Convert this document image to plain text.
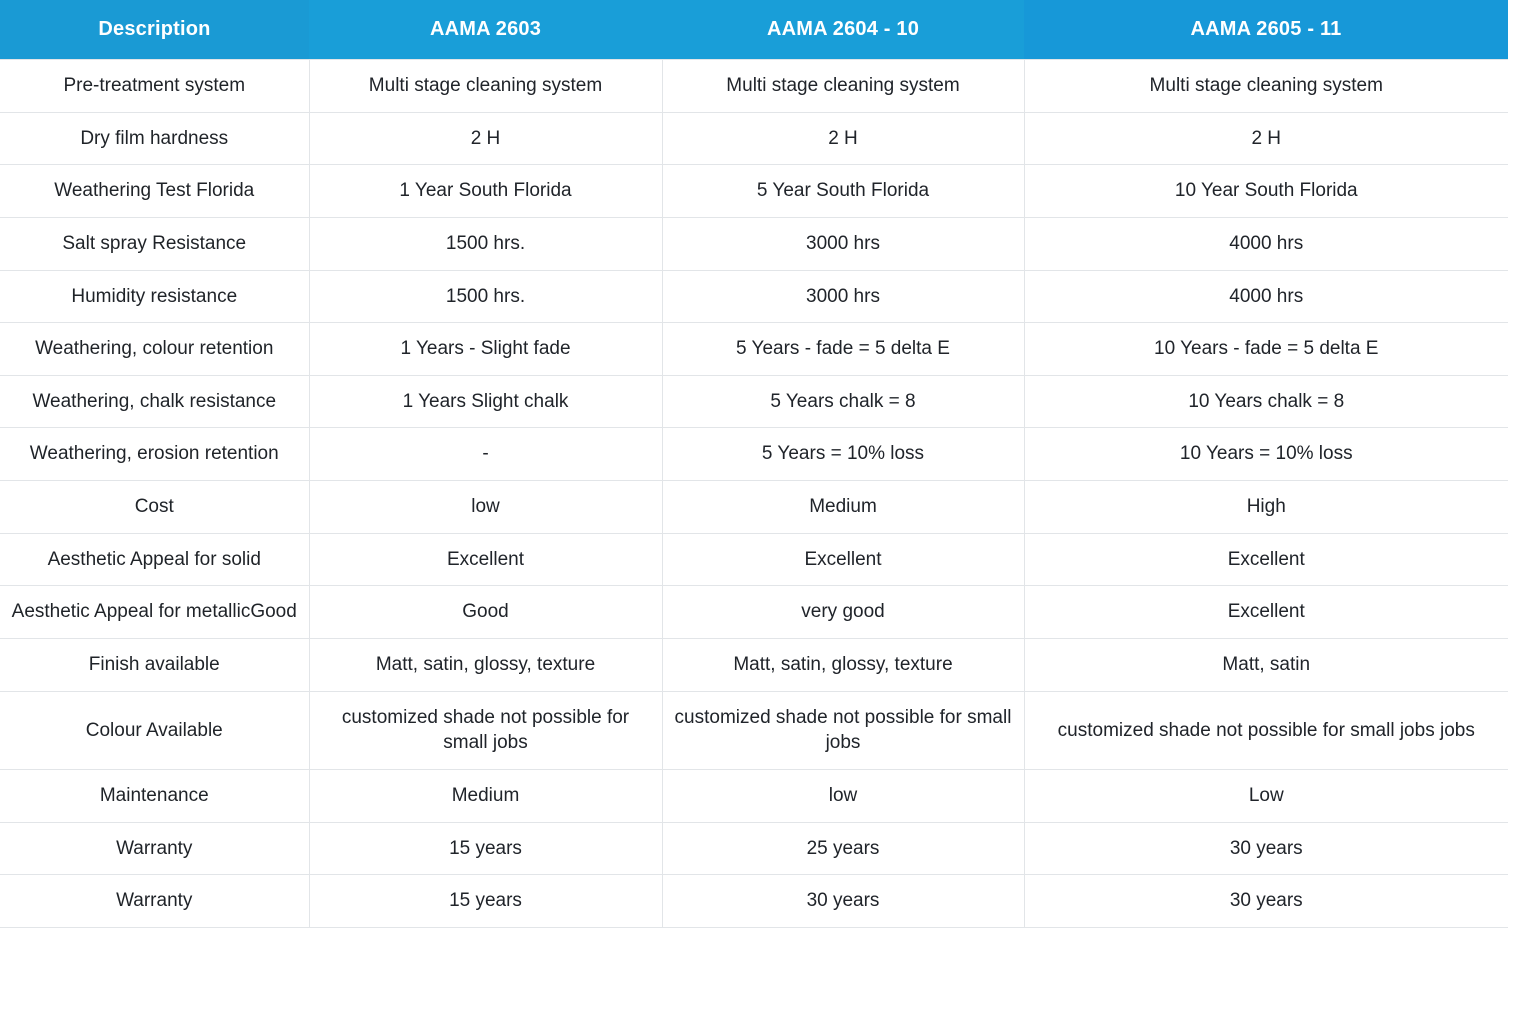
Description	AAMA 2603	AAMA 2604 - 10	AAMA 2605 - 11
Pre-treatment system	Multi stage cleaning system	Multi stage cleaning system	Multi stage cleaning system
Dry film hardness	2 H	2 H	2 H
Weathering Test Florida	1 Year South Florida	5 Year South Florida	10 Year South Florida
Salt spray Resistance	1500 hrs.	3000 hrs	4000 hrs
Humidity resistance	1500 hrs.	3000 hrs	4000 hrs
Weathering, colour retention	1 Years - Slight fade	5 Years - fade = 5 delta E	10 Years - fade = 5 delta E
Weathering, chalk resistance	1 Years Slight chalk	5 Years chalk = 8	10 Years chalk = 8
Weathering, erosion retention	-	5 Years = 10% loss	10 Years = 10% loss
Cost	low	Medium	High
Aesthetic Appeal for solid	Excellent	Excellent	Excellent
Aesthetic Appeal for metallicGood	Good	very good	Excellent
Finish available	Matt, satin, glossy, texture	Matt, satin, glossy, texture	Matt, satin
Colour Available	customized shade not possible for small jobs	customized shade not possible for small jobs	customized shade not possible for small jobs jobs
Maintenance	Medium	low	Low
Warranty	15 years	25 years	30 years
Warranty	15 years	30 years	30 years
